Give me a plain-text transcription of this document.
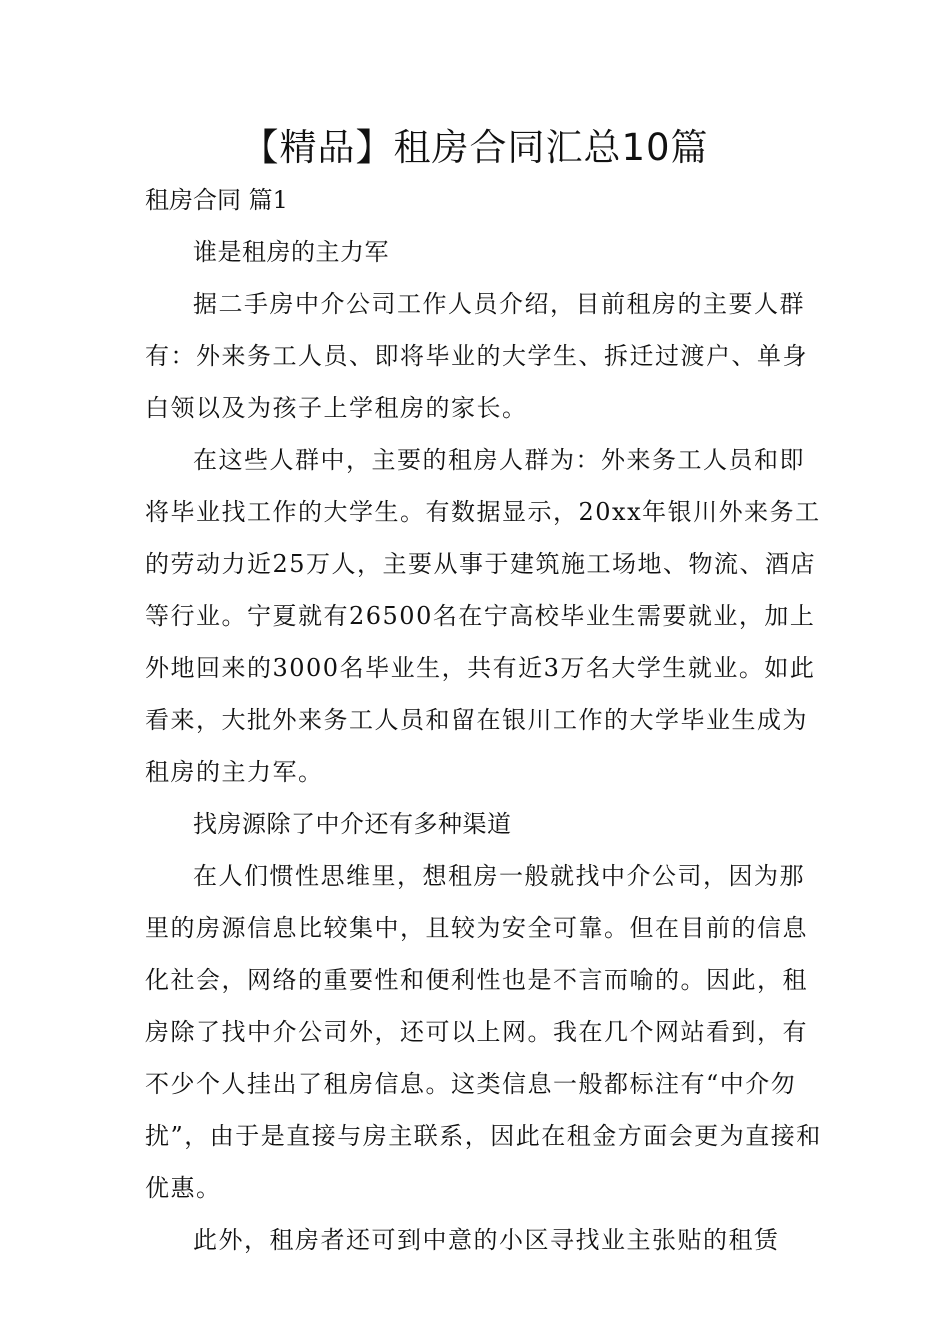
【精品】租房合同汇总10篇
租房合同 篇1

谁是租房的主力军

据二手房中介公司工作人员介绍，目前租房的主要人群有：外来务工人员、即将毕业的大学生、拆迁过渡户、单身白领以及为孩子上学租房的家长。

在这些人群中，主要的租房人群为：外来务工人员和即将毕业找工作的大学生。有数据显示，20xx年银川外来务工的劳动力近25万人，主要从事于建筑施工场地、物流、酒店等行业。宁夏就有26500名在宁高校毕业生需要就业，加上外地回来的3000名毕业生，共有近3万名大学生就业。如此看来，大批外来务工人员和留在银川工作的大学毕业生成为租房的主力军。

找房源除了中介还有多种渠道

在人们惯性思维里，想租房一般就找中介公司，因为那里的房源信息比较集中，且较为安全可靠。但在目前的信息化社会，网络的重要性和便利性也是不言而喻的。因此，租房除了找中介公司外，还可以上网。我在几个网站看到，有不少个人挂出了租房信息。这类信息一般都标注有“中介勿扰”，由于是直接与房主联系，因此在租金方面会更为直接和优惠。

此外，租房者还可到中意的小区寻找业主张贴的租赁
